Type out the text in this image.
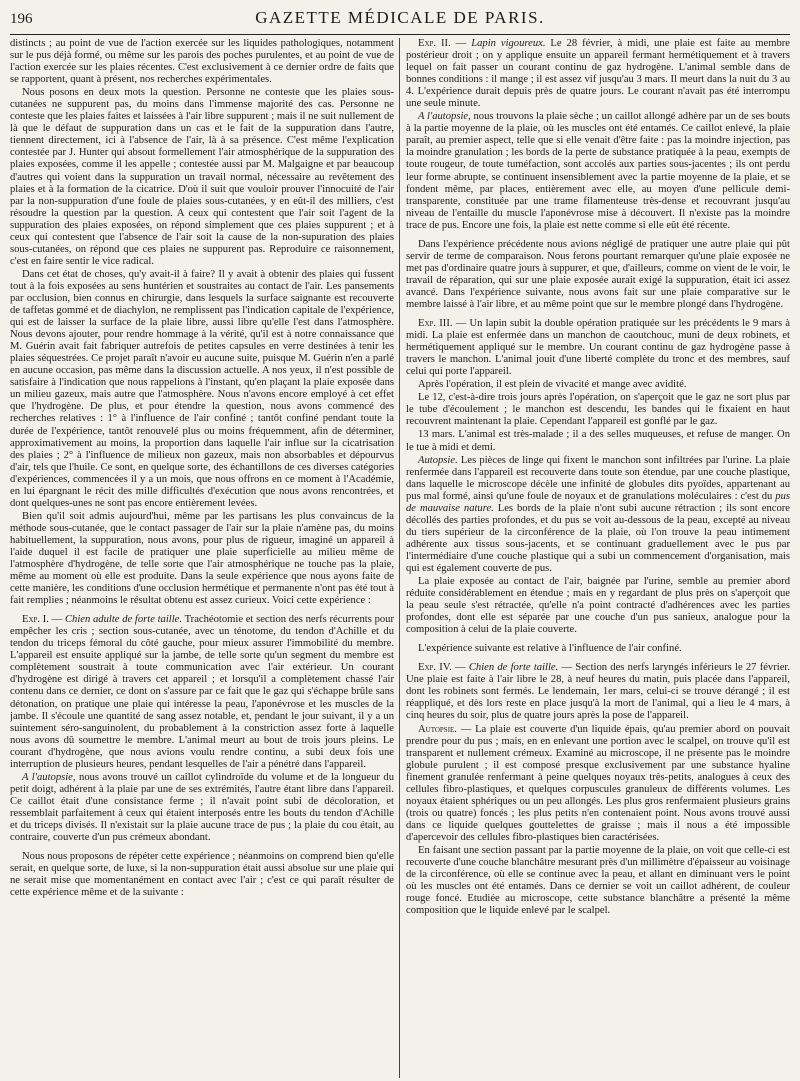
196	GAZETTE MÉDICALE DE PARIS.

distincts ; au point de vue de l'action exercée sur les liquides pathologiques, notamment sur le pus déjà formé, ou même sur les parois des poches purulentes, et au point de vue de l'action exercée sur les plaies récentes. C'est exclusivement à ce dernier ordre de faits que se rapportent, quant à présent, nos recherches expérimentales.

Nous posons en deux mots la question. Personne ne conteste que les plaies sous-cutanées ne suppurent pas, du moins dans l'immense majorité des cas. Personne ne conteste que les plaies faites et laissées à l'air libre suppurent ; mais il ne suit nullement de là que le défaut de suppuration dans un cas et le fait de la suppuration dans l'autre, tiennent directement, ici à l'absence de l'air, là à sa présence. C'est même l'explication contestée par J. Hunter qui absout formellement l'air atmosphérique de la suppuration des plaies exposées, comme il les appelle ; contestée aussi par M. Malgaigne et par beaucoup d'autres qui voient dans la suppuration un travail normal, nécessaire au revêtement des plaies et à la formation de la cicatrice. D'où il suit que vouloir prouver l'innocuité de l'air par la non-suppuration d'une foule de plaies sous-cutanées, y en eût-il des milliers, c'est résoudre la question par la question. A ceux qui contestent que l'air soit l'agent de la suppuration des plaies exposées, on répond simplement que ces plaies suppurent ; et à ceux qui contestent que l'absence de l'air soit la cause de la non-supuration des plaies sous-cutanées, on répond que ces plaies ne suppurent pas. Reproduire ce raisonnement, c'est en faire sentir le vice radical.

Dans cet état de choses, qu'y avait-il à faire? Il y avait à obtenir des plaies qui fussent tout à la fois exposées au sens huntérien et soustraites au contact de l'air. Les pansements par occlusion, bien connus en chirurgie, dans lesquels la surface saignante est recouverte de taffetas gommé et de diachylon, ne remplissent pas l'indication capitale de l'expérience, qui est de laisser la surface de la plaie libre, aussi libre qu'elle l'est dans l'atmosphère. Nous devons ajouter, pour rendre hommage à la vérité, qu'il est à notre connaissance que M. Guérin avait fait fabriquer autrefois de petites capsules en verre destinées à tenir les plaies séquestrées. Ce projet paraît n'avoir eu aucune suite, puisque M. Guérin n'en a parlé en aucune occasion, pas même dans la discussion actuelle. A nos yeux, il n'est possible de satisfaire à l'indication que nous rappelions à l'instant, qu'en plaçant la plaie exposée dans un milieu gazeux, mais autre que l'atmosphère. Nous n'avons encore employé à cet effet que l'hydrogène. De plus, et pour étendre la question, nous avons commencé des recherches relatives : 1° à l'influence de l'air confiné ; tantôt confiné pendant toute la durée de l'expérience, tantôt renouvelé plus ou moins fréquemment, afin de déterminer, approximativement au moins, la proportion dans laquelle l'air influe sur la cicatrisation des plaies ; 2° à l'influence de milieux non gazeux, mais non absorbables et dépourvus d'air, tels que l'huile. Ce sont, en quelque sorte, des échantillons de ces diverses catégories d'expériences, commencées il y a un mois, que nous offrons en ce moment à l'Académie, en lui épargnant le récit des mille difficultés d'exécution que nous avons rencontrées, et dont quelques-unes ne sont pas encore entièrement levées.

Bien qu'il soit admis aujourd'hui, même par les partisans les plus convaincus de la méthode sous-cutanée, que le contact passager de l'air sur la plaie n'amène pas, du moins habituellement, la suppuration, nous avons, pour plus de rigueur, imaginé un appareil à l'aide duquel il est facile de pratiquer une plaie superficielle au milieu même de l'atmosphère d'hydrogène, de telle sorte que l'air atmosphérique ne touche pas la plaie, même au moment où elle est produite. Dans la seule expérience que nous ayons faite de cette manière, les conditions d'une occlusion hermétique et permanente n'ont pas été tout à fait remplies ; néanmoins le résultat obtenu est assez curieux. Voici cette expérience :

Exp. I. — Chien adulte de forte taille. Trachéotomie et section des nerfs récurrents pour empêcher les cris ; section sous-cutanée, avec un ténotome, du tendon d'Achille et du tendon du triceps fémoral du côté gauche, pour mieux assurer l'immobilité du membre. L'appareil est ensuite appliqué sur la jambe, de telle sorte qu'un segment du membre est complètement soustrait à toute communication avec l'air extérieur. Un courant d'hydrogène est dirigé à travers cet appareil ; et lorsqu'il a complètement chassé l'air contenu dans ce dernier, ce dont on s'assure par ce fait que le gaz qui s'échappe brûle sans détonation, on pratique une plaie qui intéresse la peau, l'aponévrose et les muscles de la jambe. Il s'écoule une quantité de sang assez notable, et, pendant le jour suivant, il y a un suintement séro-sanguinolent, du probablement à la constriction assez forte à laquelle nous avons dû soumettre le membre. L'animal meurt au bout de trois jours pleins. Le courant d'hydrogène, que nous avions voulu rendre continu, a subi deux fois une interruption de plusieurs heures, pendant lesquelles de l'air a pénétré dans l'appareil.

A l'autopsie, nous avons trouvé un caillot cylindroïde du volume et de la longueur du petit doigt, adhérent à la plaie par une de ses extrémités, l'autre étant libre dans l'appareil. Ce caillot était d'une consistance ferme ; il n'avait point subi de décoloration, et ressemblait parfaitement à ceux qui étaient interposés entre les bouts du tendon d'Achille et du triceps divisés. Il n'existait sur la plaie aucune trace de pus ; la plaie du cou était, au contraire, couverte d'un pus crémeux abondant.

Nous nous proposons de répéter cette expérience ; néanmoins on comprend bien qu'elle serait, en quelque sorte, de luxe, si la non-suppuration était aussi absolue sur une plaie qui ne serait mise que momentanément en contact avec l'air ; c'est ce qui paraît résulter de cette expérience même et de la suivante :

Exp. II. — Lapin vigoureux. Le 28 février, à midi, une plaie est faite au membre postérieur droit ; on y applique ensuite un appareil fermant hermétiquement et à travers lequel on fait passer un courant continu de gaz hydrogène. L'animal semble dans de bonnes conditions : il mange ; il est assez vif jusqu'au 3 mars. Il meurt dans la nuit du 3 au 4. L'expérience durait depuis près de quatre jours. Le courant n'avait pas été interrompu une seule minute.

A l'autopsie, nous trouvons la plaie sèche ; un caillot allongé adhère par un de ses bouts à la partie moyenne de la plaie, où les muscles ont été entamés. Ce caillot enlevé, la plaie paraît, au premier aspect, telle que si elle venait d'être faite : pas la moindre injection, pas la moindre granulation ; les bords de la perte de substance pratiquée à la peau, exempts de toute rougeur, de toute tuméfaction, sont accolés aux parties sous-jacentes ; ils ont perdu leur forme abrupte, se continuent insensiblement avec la partie moyenne de la plaie, et se fondent même, par places, entièrement avec elle, au moyen d'une pellicule demi-transparente, constituée par une trame filamenteuse très-dense et recouvrant jusqu'au niveau de l'entaille du muscle l'aponévrose mise à découvert. Il n'existe pas la moindre trace de pus. Encore une fois, la plaie est nette comme si elle eût été récente.

Dans l'expérience précédente nous avions négligé de pratiquer une autre plaie qui pût servir de terme de comparaison. Nous ferons pourtant remarquer qu'une plaie exposée ne met pas d'ordinaire quatre jours à suppurer, et que, d'ailleurs, comme on vient de le voir, le travail de réparation, qui sur une plaie exposée aurait exigé la suppuration, était ici assez avancé. Dans l'expérience suivante, nous avons fait sur une plaie comparative sur le membre laissé à l'air libre, et au même point que sur le membre plongé dans l'hydrogène.

Exp. III. — Un lapin subit la double opération pratiquée sur les précédents le 9 mars à midi. La plaie est enfermée dans un manchon de caoutchouc, muni de deux robinets, et hermétiquement appliqué sur le membre. Un courant continu de gaz hydrogène passe à travers le manchon. L'animal jouit d'une liberté complète du tronc et des membres, sauf celui qui porte l'appareil.

Après l'opération, il est plein de vivacité et mange avec avidité.

Le 12, c'est-à-dire trois jours après l'opération, on s'aperçoit que le gaz ne sort plus par le tube d'écoulement ; le manchon est descendu, les bandes qui le fixaient en haut recouvrent maintenant la plaie. Cependant l'appareil est gonflé par le gaz.

13 mars. L'animal est très-malade ; il a des selles muqueuses, et refuse de manger. On le tue à midi et demi.

Autopsie. Les pièces de linge qui fixent le manchon sont infiltrées par l'urine. La plaie renfermée dans l'appareil est recouverte dans toute son étendue, par une couche plastique, dans laquelle le microscope décèle une infinité de globules dits pyoïdes, appartenant au pus mal formé, ainsi qu'une foule de noyaux et de granulations moléculaires : c'est du pus de mauvaise nature. Les bords de la plaie n'ont subi aucune rétraction ; ils sont encore décollés des parties profondes, et du pus se voit au-dessous de la peau, excepté au niveau du tiers supérieur de la circonférence de la plaie, où l'on trouve la peau intimement adhérente aux tissus sous-jacents, et se continuant graduellement avec le pus par l'intermédiaire d'une couche plastique qui a subi un commencement d'organisation, mais qui est également couverte de pus.

La plaie exposée au contact de l'air, baignée par l'urine, semble au premier abord réduite considérablement en étendue ; mais en y regardant de plus près on s'aperçoit que la peau seule s'est rétractée, qu'elle n'a point contracté d'adhérences avec les parties profondes, dont elle est séparée par une couche d'un pus sanieux, analogue pour la composition à celui de la plaie couverte.

L'expérience suivante est relative à l'influence de l'air confiné.

Exp. IV. — Chien de forte taille. — Section des nerfs laryngés inférieurs le 27 février. Une plaie est faite à l'air libre le 28, à neuf heures du matin, puis placée dans l'appareil, dont les robinets sont fermés. Le lendemain, 1er mars, celui-ci se trouve dérangé ; il est réappliqué, et dès lors reste en place jusqu'à la mort de l'animal, qui a lieu le 4 mars, à cinq heures du soir, plus de quatre jours après la pose de l'appareil.

Autopsie. — La plaie est couverte d'un liquide épais, qu'au premier abord on pouvait prendre pour du pus ; mais, en en enlevant une portion avec le scalpel, on trouve qu'il est transparent et nullement crémeux. Examiné au microscope, il ne présente pas le moindre globule purulent ; il est composé presque exclusivement par une substance hyaline finement granulée renfermant à peine quelques noyaux très-petits, analogues à ceux des cellules fibro-plastiques, et quelques corpuscules granuleux de différents volumes. Les noyaux étaient sphériques ou un peu allongés. Les plus gros renfermaient plusieurs grains (trois ou quatre) foncés ; les plus petits n'en contenaient point. Nous avons trouvé aussi dans ce liquide quelques gouttelettes de graisse ; mais il nous a été impossible d'apercevoir des cellules fibro-plastiques bien caractérisées.

En faisant une section passant par la partie moyenne de la plaie, on voit que celle-ci est recouverte d'une couche blanchâtre mesurant près d'un millimètre d'épaisseur au voisinage de la circonférence, où elle se continue avec la peau, et allant en diminuant vers le point où les muscles ont été entamés. Dans ce dernier se voit un caillot adhérent, de couleur rouge foncé. Etudiée au microscope, cette substance blanchâtre a présenté la même composition que le liquide enlevé par le scalpel.
